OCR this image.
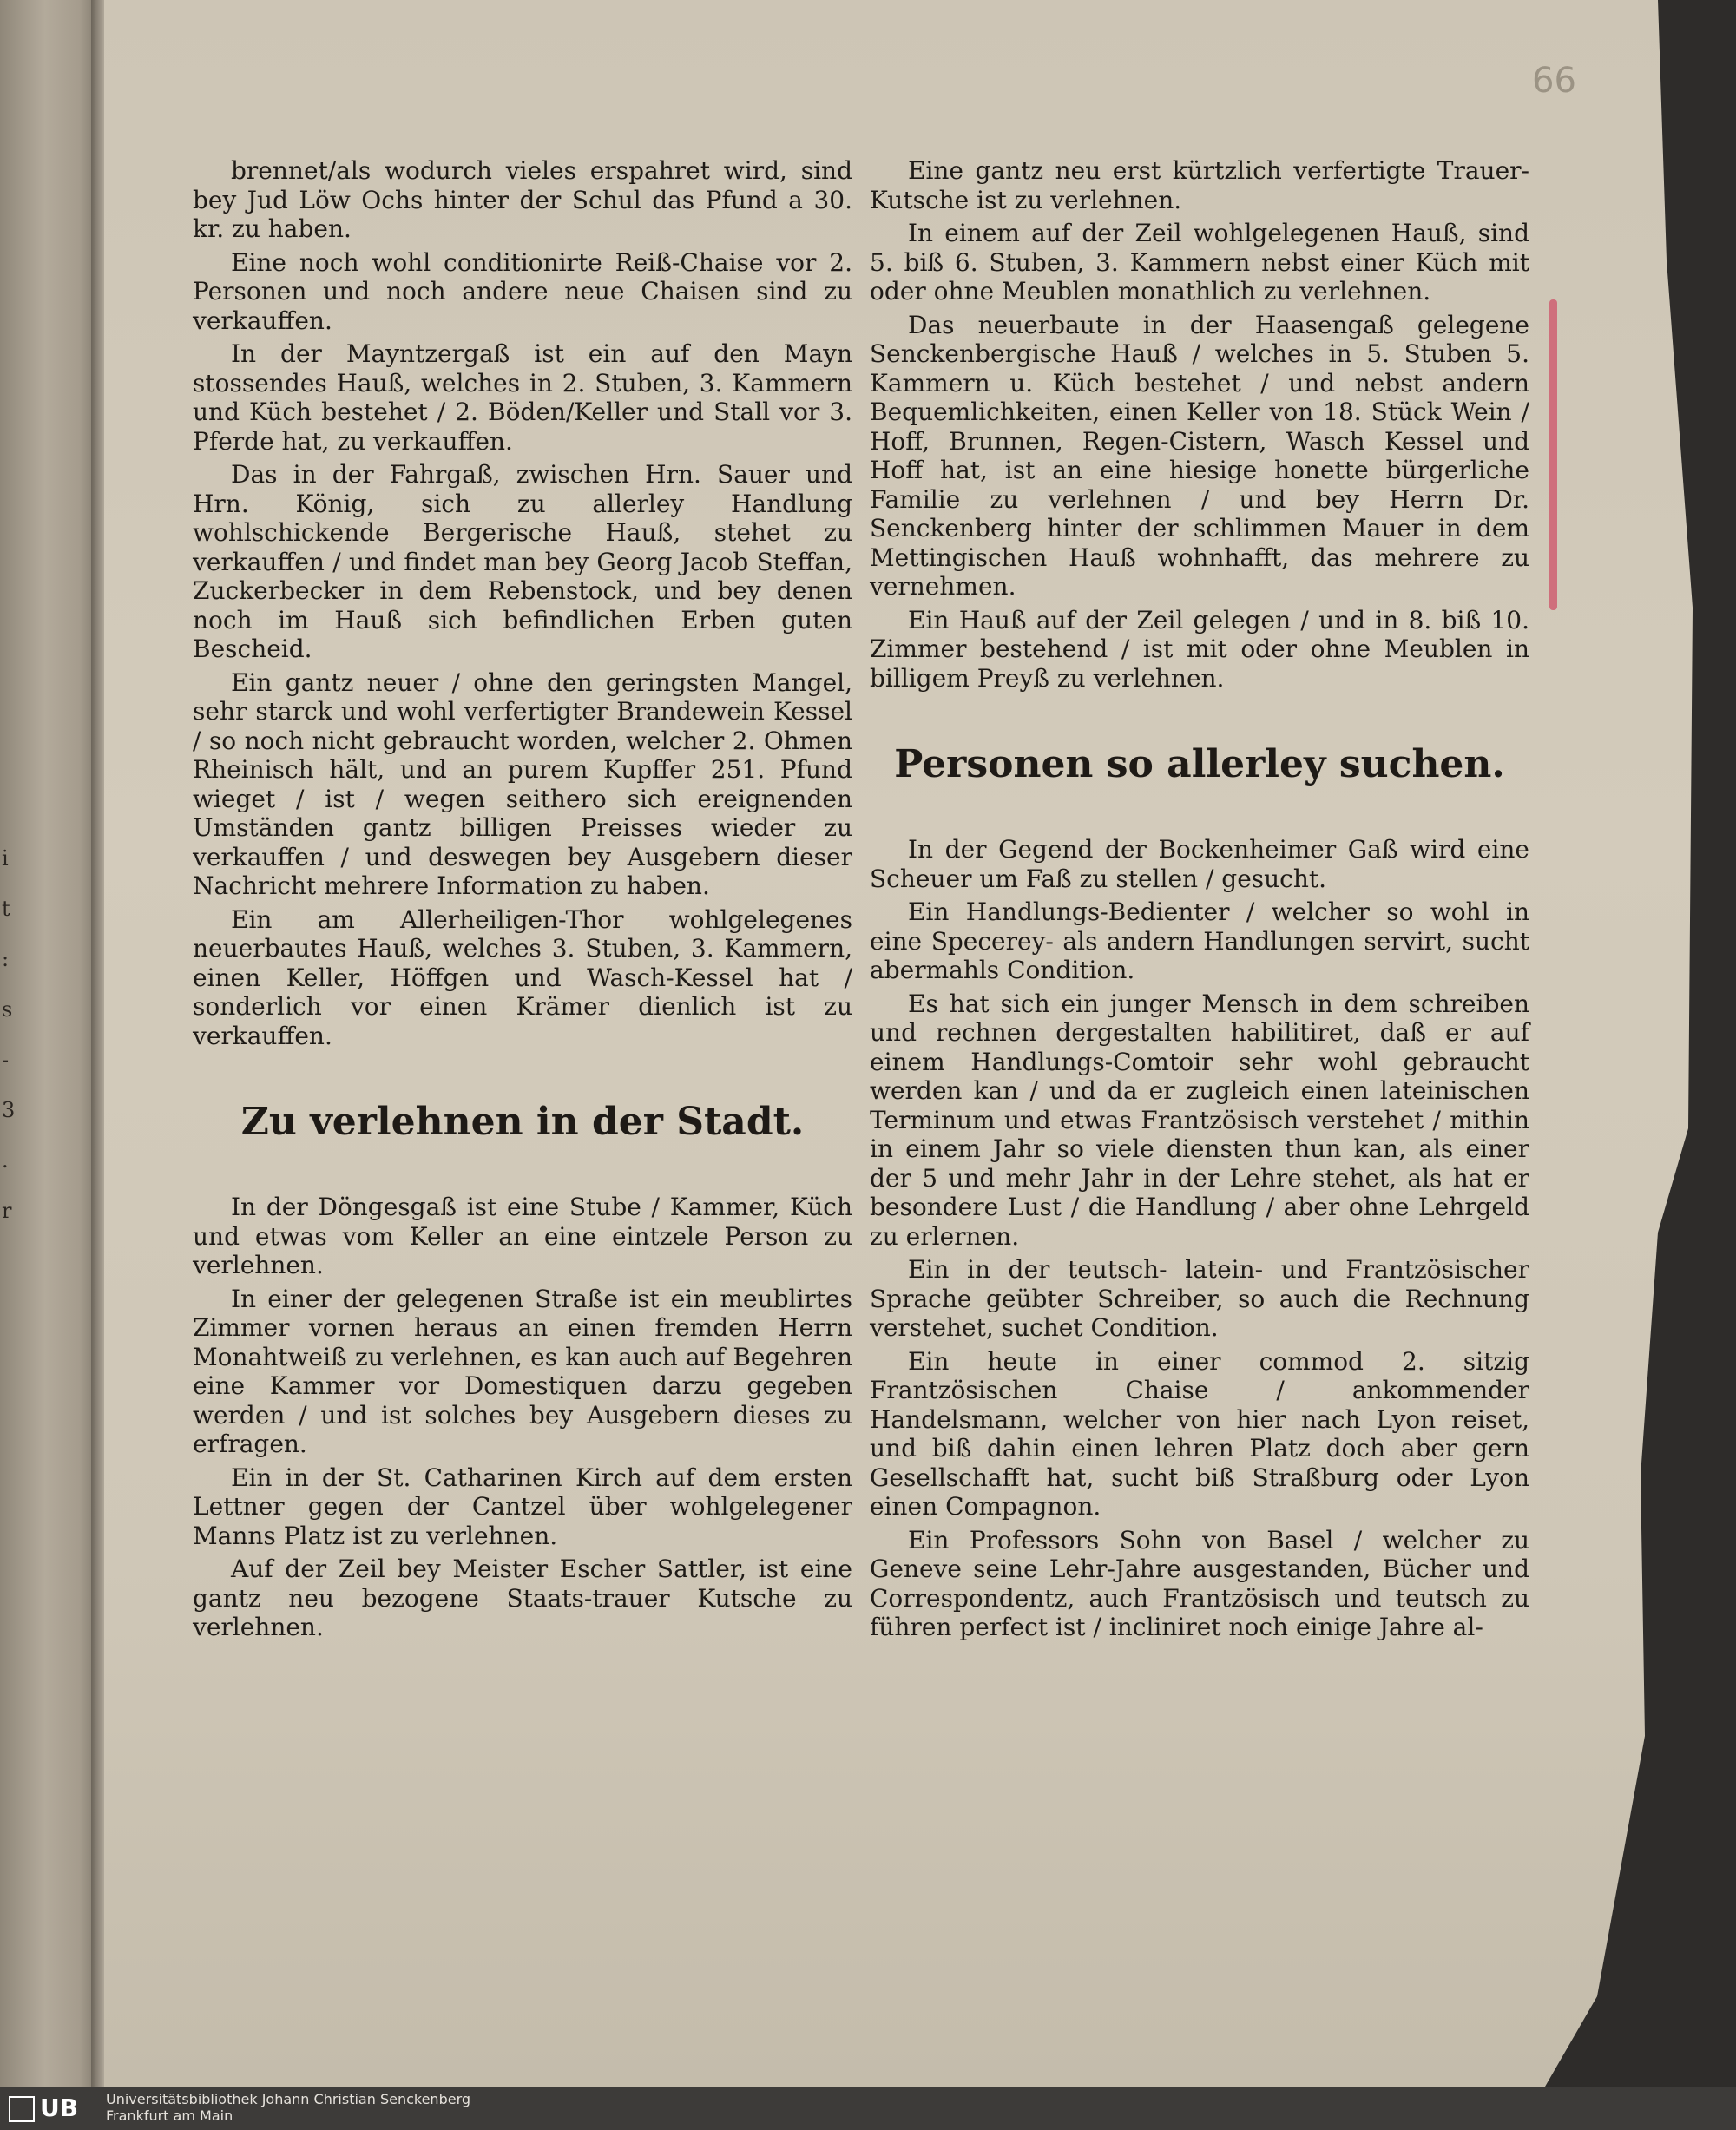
i
t
:
s
-
3
.
r
66

brennet/als wodurch vieles erspahret wird, sind bey Jud Löw Ochs hinter der Schul das Pfund a 30. kr. zu haben.

Eine noch wohl conditionirte Reiß-Chaise vor 2. Personen und noch andere neue Chaisen sind zu verkauffen.

In der Mayntzergaß ist ein auf den Mayn stossendes Hauß, welches in 2. Stuben, 3. Kammern und Küch bestehet / 2. Böden/Keller und Stall vor 3. Pferde hat, zu verkauffen.

Das in der Fahrgaß, zwischen Hrn. Sauer und Hrn. König, sich zu allerley Handlung wohlschickende Bergerische Hauß, stehet zu verkauffen / und findet man bey Georg Jacob Steffan, Zuckerbecker in dem Rebenstock, und bey denen noch im Hauß sich befindlichen Erben guten Bescheid.

Ein gantz neuer / ohne den geringsten Mangel, sehr starck und wohl verfertigter Brandewein Kessel / so noch nicht gebraucht worden, welcher 2. Ohmen Rheinisch hält, und an purem Kupffer 251. Pfund wieget / ist / wegen seithero sich ereignenden Umständen gantz billigen Preisses wieder zu verkauffen / und deswegen bey Ausgebern dieser Nachricht mehrere Information zu haben.

Ein am Allerheiligen-Thor wohlgelegenes neuerbautes Hauß, welches 3. Stuben, 3. Kammern, einen Keller, Höffgen und Wasch-Kessel hat / sonderlich vor einen Krämer dienlich ist zu verkauffen.

Zu verlehnen in der Stadt.

In der Döngesgaß ist eine Stube / Kammer, Küch und etwas vom Keller an eine eintzele Person zu verlehnen.

In einer der gelegenen Straße ist ein meublirtes Zimmer vornen heraus an einen fremden Herrn Monahtweiß zu verlehnen, es kan auch auf Begehren eine Kammer vor Domestiquen darzu gegeben werden / und ist solches bey Ausgebern dieses zu erfragen.

Ein in der St. Catharinen Kirch auf dem ersten Lettner gegen der Cantzel über wohlgelegener Manns Platz ist zu verlehnen.

Auf der Zeil bey Meister Escher Sattler, ist eine gantz neu bezogene Staats-trauer Kutsche zu verlehnen.

Eine gantz neu erst kürtzlich verfertigte Trauer-Kutsche ist zu verlehnen.

In einem auf der Zeil wohlgelegenen Hauß, sind 5. biß 6. Stuben, 3. Kammern nebst einer Küch mit oder ohne Meublen monathlich zu verlehnen.

Das neuerbaute in der Haasengaß gelegene Senckenbergische Hauß / welches in 5. Stuben 5. Kammern u. Küch bestehet / und nebst andern Bequemlichkeiten, einen Keller von 18. Stück Wein / Hoff, Brunnen, Regen-Cistern, Wasch Kessel und Hoff hat, ist an eine hiesige honette bürgerliche Familie zu verlehnen / und bey Herrn Dr. Senckenberg hinter der schlimmen Mauer in dem Mettingischen Hauß wohnhafft, das mehrere zu vernehmen.

Ein Hauß auf der Zeil gelegen / und in 8. biß 10. Zimmer bestehend / ist mit oder ohne Meublen in billigem Preyß zu verlehnen.

Personen so allerley suchen.

In der Gegend der Bockenheimer Gaß wird eine Scheuer um Faß zu stellen / gesucht.

Ein Handlungs-Bedienter / welcher so wohl in eine Specerey- als andern Handlungen servirt, sucht abermahls Condition.

Es hat sich ein junger Mensch in dem schreiben und rechnen dergestalten habilitiret, daß er auf einem Handlungs-Comtoir sehr wohl gebraucht werden kan / und da er zugleich einen lateinischen Terminum und etwas Frantzösisch verstehet / mithin in einem Jahr so viele diensten thun kan, als einer der 5 und mehr Jahr in der Lehre stehet, als hat er besondere Lust / die Handlung / aber ohne Lehrgeld zu erlernen.

Ein in der teutsch- latein- und Frantzösischer Sprache geübter Schreiber, so auch die Rechnung verstehet, suchet Condition.

Ein heute in einer commod 2. sitzig Frantzösischen Chaise / ankommender Handelsmann, welcher von hier nach Lyon reiset, und biß dahin einen lehren Platz doch aber gern Gesellschafft hat, sucht biß Straßburg oder Lyon einen Compagnon.

Ein Professors Sohn von Basel / welcher zu Geneve seine Lehr-Jahre ausgestanden, Bücher und Correspondentz, auch Frantzösisch und teutsch zu führen perfect ist / incliniret noch einige Jahre al-

UB	Universitätsbibliothek Johann Christian Senckenberg
Frankfurt am Main
